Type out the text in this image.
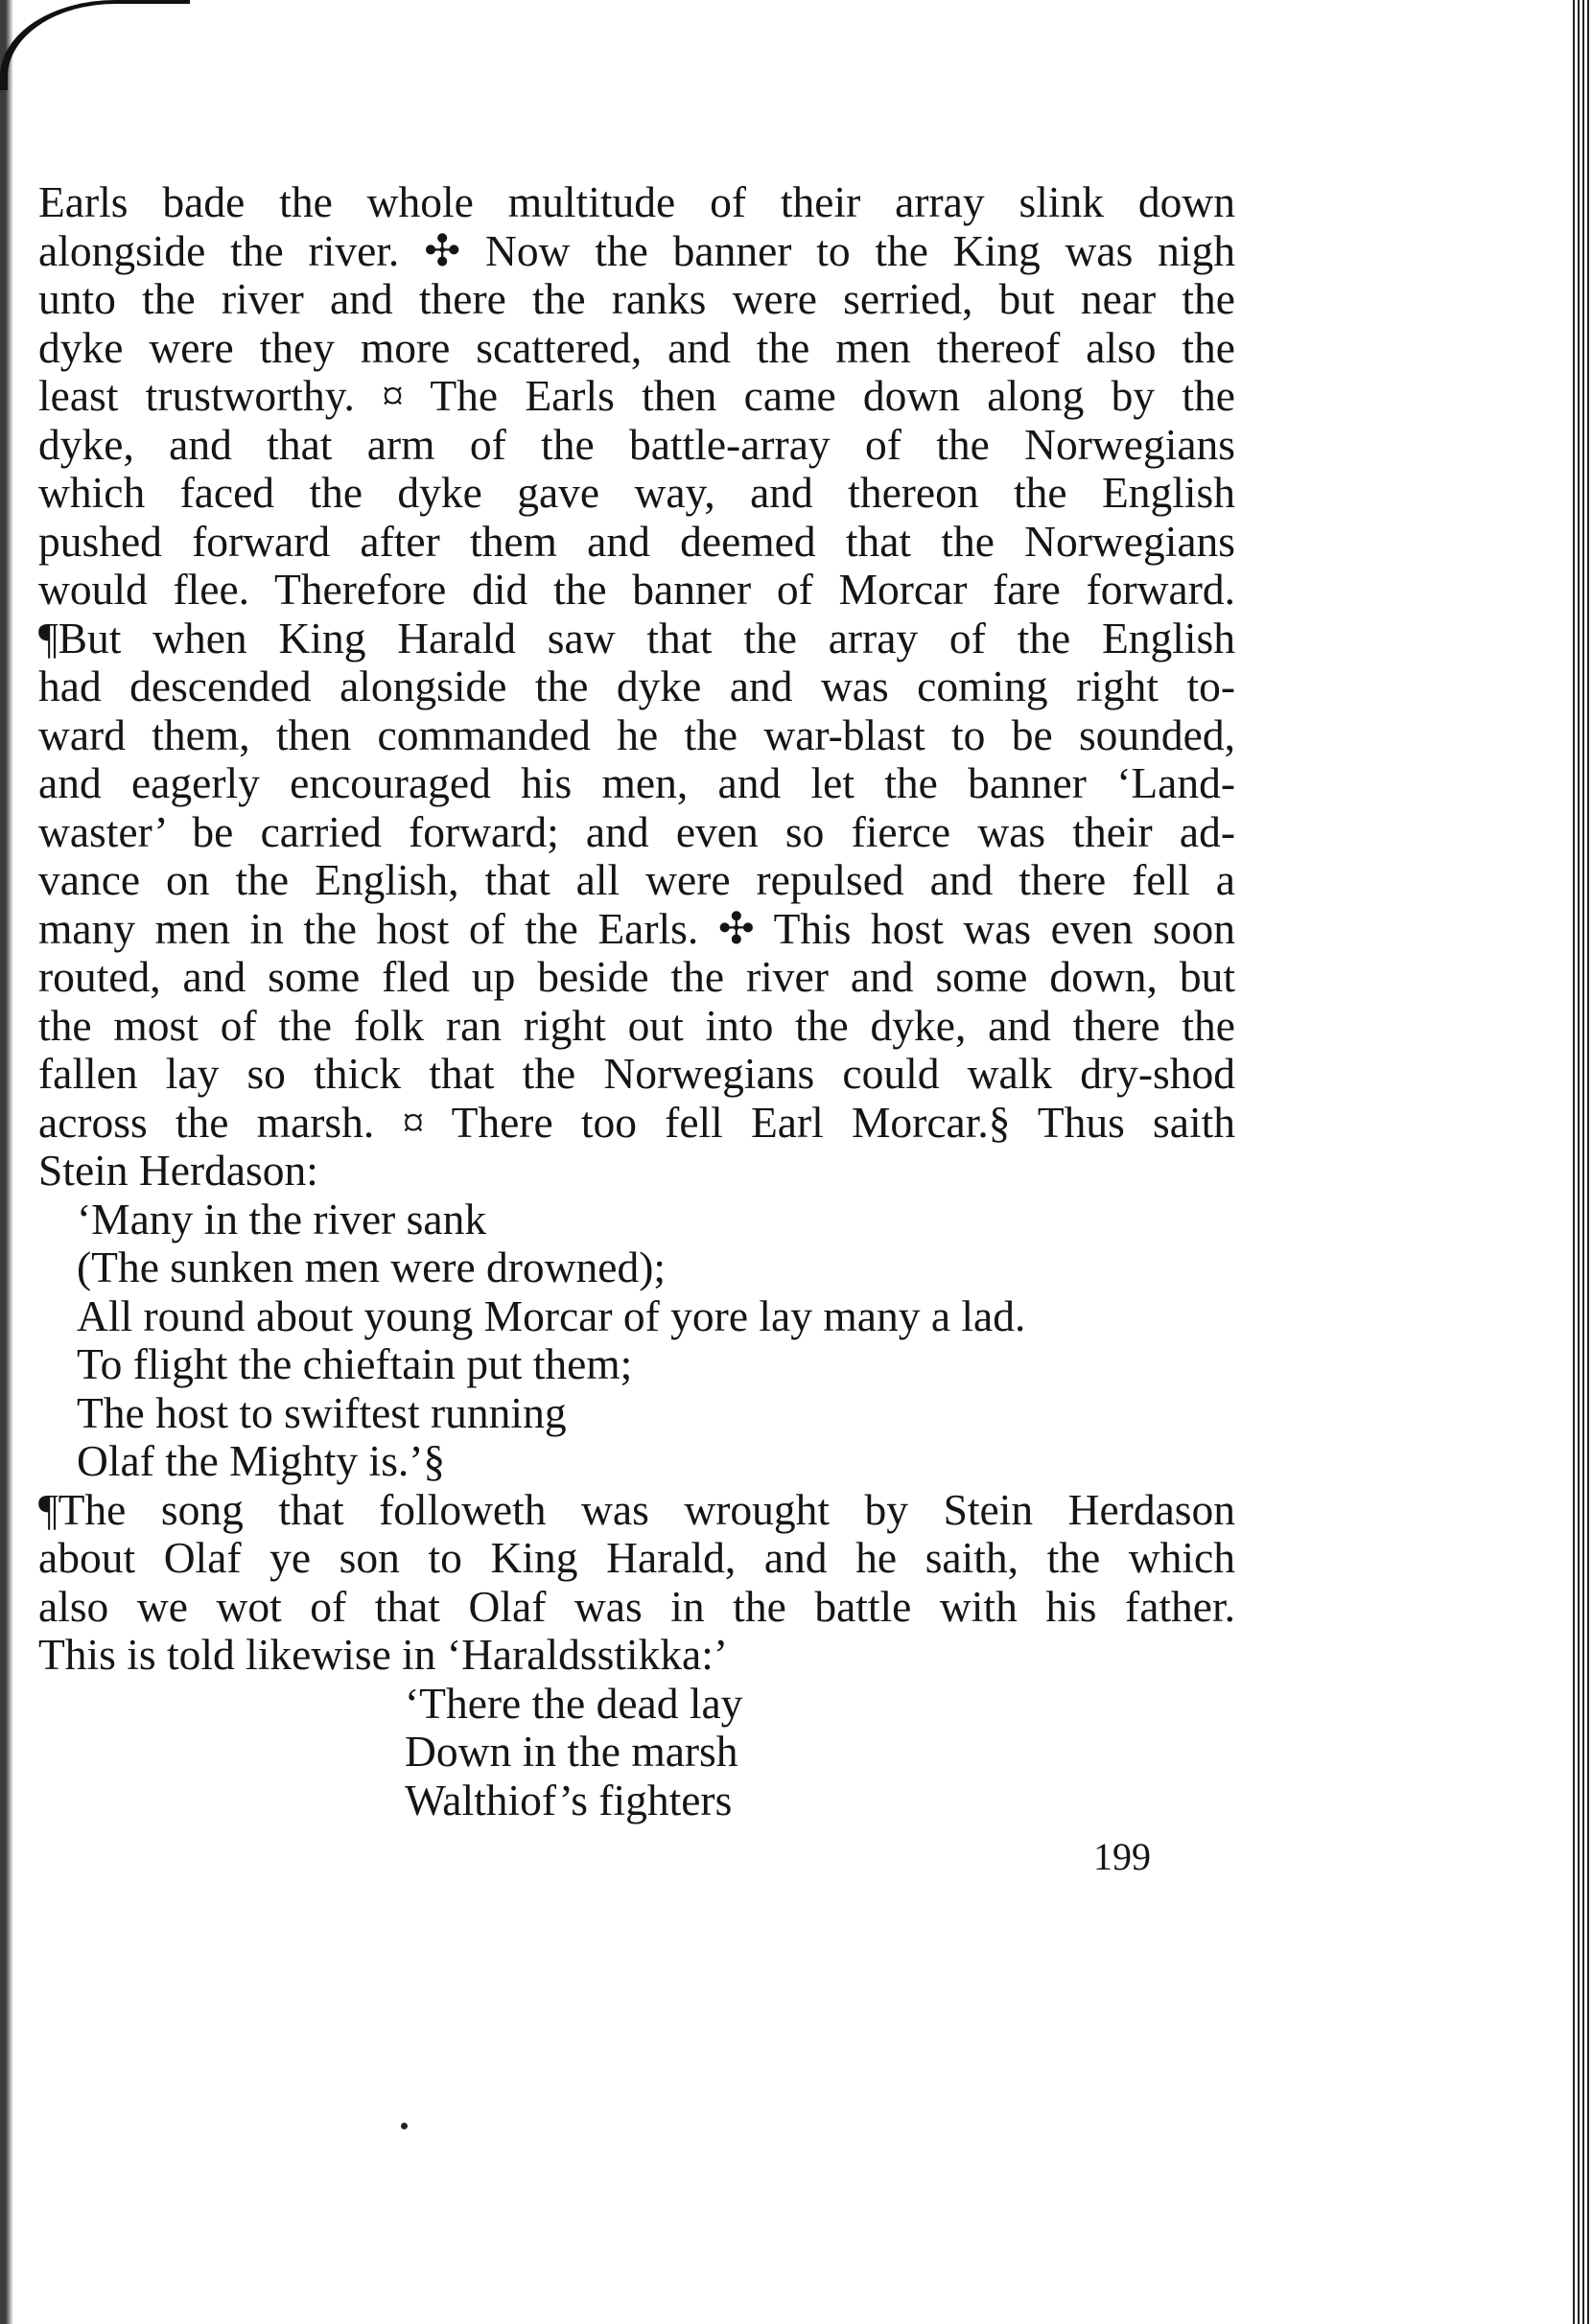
Earls bade the whole multitude of their array slink down
alongside the river. ✣ Now the banner to the King was nigh
unto the river and there the ranks were serried, but near the
dyke were they more scattered, and the men thereof also the
least trustworthy. ¤ The Earls then came down along by the
dyke, and that arm of the battle-array of the Norwegians
which faced the dyke gave way, and thereon the English
pushed forward after them and deemed that the Norwegians
would flee. Therefore did the banner of Morcar fare forward.
¶But when King Harald saw that the array of the English
had descended alongside the dyke and was coming right to-
ward them, then commanded he the war-blast to be sounded,
and eagerly encouraged his men, and let the banner ‘Land-
waster’ be carried forward; and even so fierce was their ad-
vance on the English, that all were repulsed and there fell a
many men in the host of the Earls. ✣ This host was even soon
routed, and some fled up beside the river and some down, but
the most of the folk ran right out into the dyke, and there the
fallen lay so thick that the Norwegians could walk dry-shod
across the marsh. ¤ There too fell Earl Morcar.§ Thus saith
Stein Herdason:
‘Many in the river sank
(The sunken men were drowned);
All round about young Morcar of yore lay many a lad.
To flight the chieftain put them;
The host to swiftest running
Olaf the Mighty is.’§
¶The song that followeth was wrought by Stein Herdason
about Olaf ye son to King Harald, and he saith, the which
also we wot of that Olaf was in the battle with his father.
This is told likewise in ‘Haraldsstikka:’
‘There the dead lay
Down in the marsh
Walthiof’s fighters
199
